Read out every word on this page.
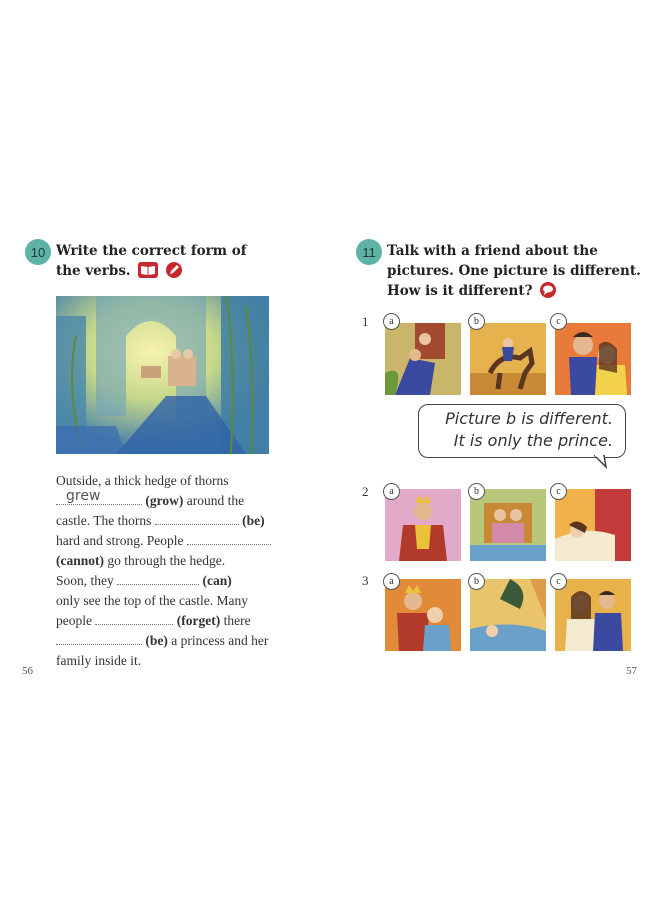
10 Write the correct form of
the verbs.

Outside, a thick hedge of thorns
grew	(grow) around the
castle. The thorns	(be)
hard and strong. People
(cannot) go through the hedge.
Soon, they	(can)
only see the top of the castle. Many
people	(forget) there
(be) a princess and her
family inside it.
56
11 Talk with a friend about the
pictures. One picture is different.
How is it different?
1	a	b	c
Picture b is different.
It is only the prince.
2	a	b	c
3	a	b	c
57
